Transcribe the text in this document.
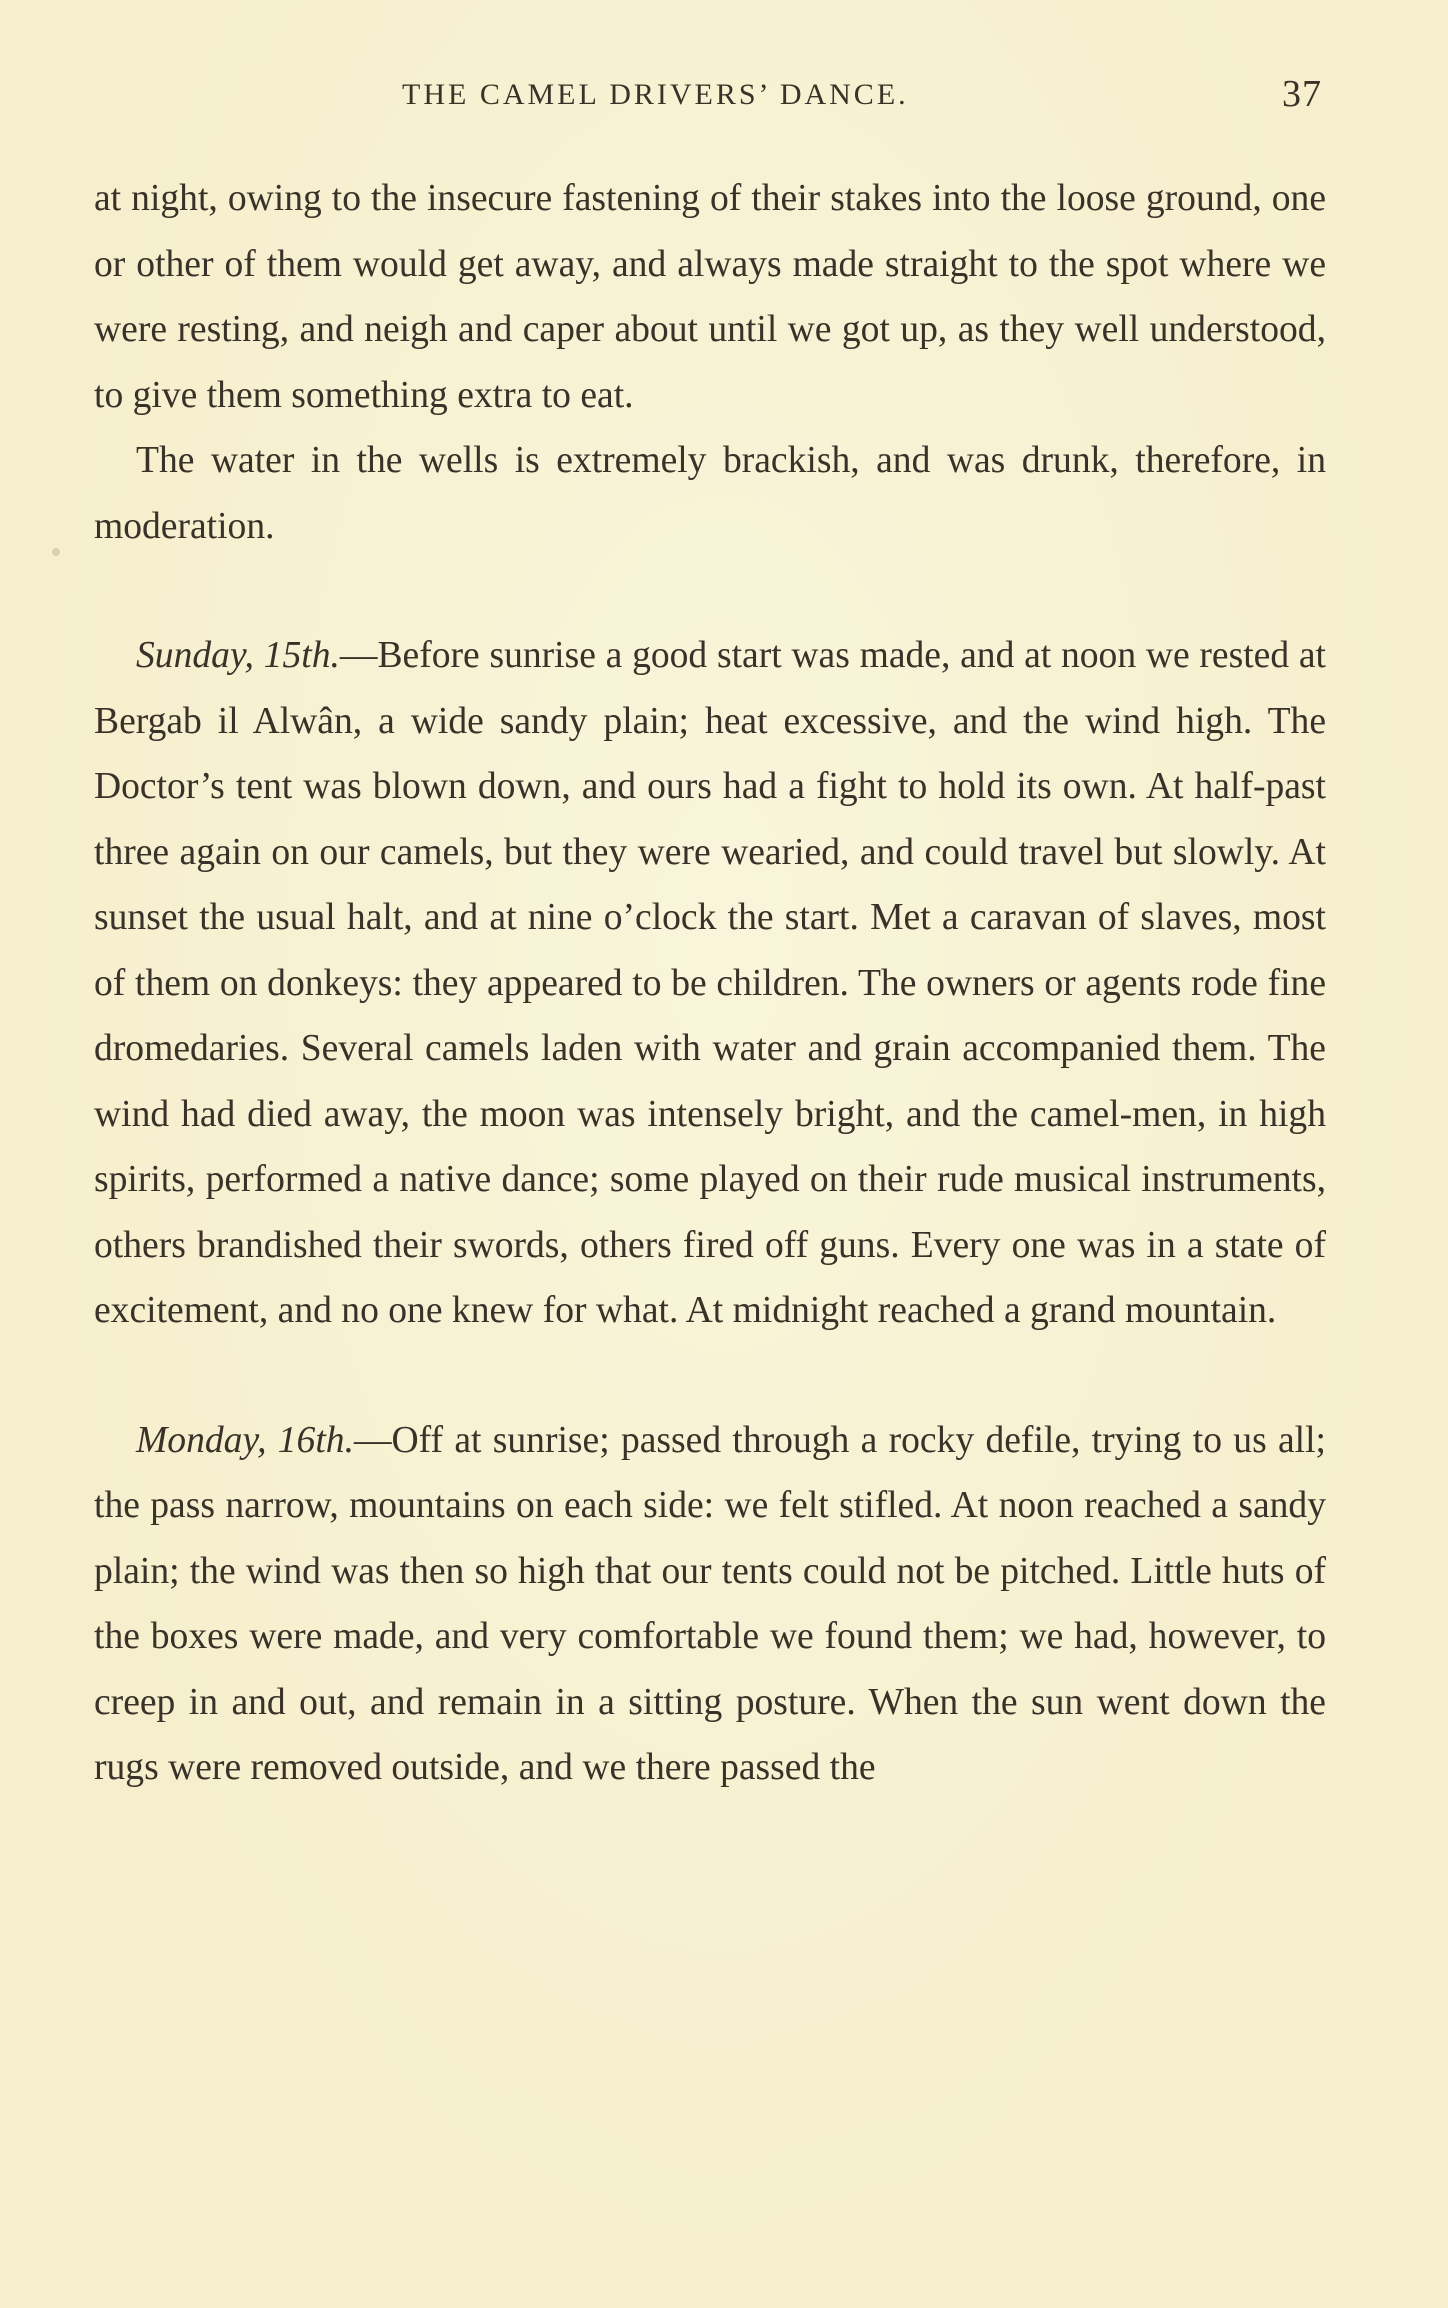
THE CAMEL DRIVERS’ DANCE.	37

at night, owing to the insecure fastening of their stakes into the loose ground, one or other of them would get away, and always made straight to the spot where we were resting, and neigh and caper about until we got up, as they well understood, to give them something extra to eat.

The water in the wells is extremely brackish, and was drunk, therefore, in moderation.

Sunday, 15th.—Before sunrise a good start was made, and at noon we rested at Bergab il Alwân, a wide sandy plain; heat excessive, and the wind high. The Doctor’s tent was blown down, and ours had a fight to hold its own. At half-past three again on our camels, but they were wearied, and could travel but slowly. At sunset the usual halt, and at nine o’clock the start. Met a caravan of slaves, most of them on donkeys: they appeared to be children. The owners or agents rode fine dromedaries. Several camels laden with water and grain accompanied them. The wind had died away, the moon was intensely bright, and the camel-men, in high spirits, performed a native dance; some played on their rude musical instruments, others brandished their swords, others fired off guns. Every one was in a state of excitement, and no one knew for what. At midnight reached a grand mountain.

Monday, 16th.—Off at sunrise; passed through a rocky defile, trying to us all; the pass narrow, mountains on each side: we felt stifled. At noon reached a sandy plain; the wind was then so high that our tents could not be pitched. Little huts of the boxes were made, and very comfortable we found them; we had, however, to creep in and out, and remain in a sitting posture. When the sun went down the rugs were removed outside, and we there passed the
